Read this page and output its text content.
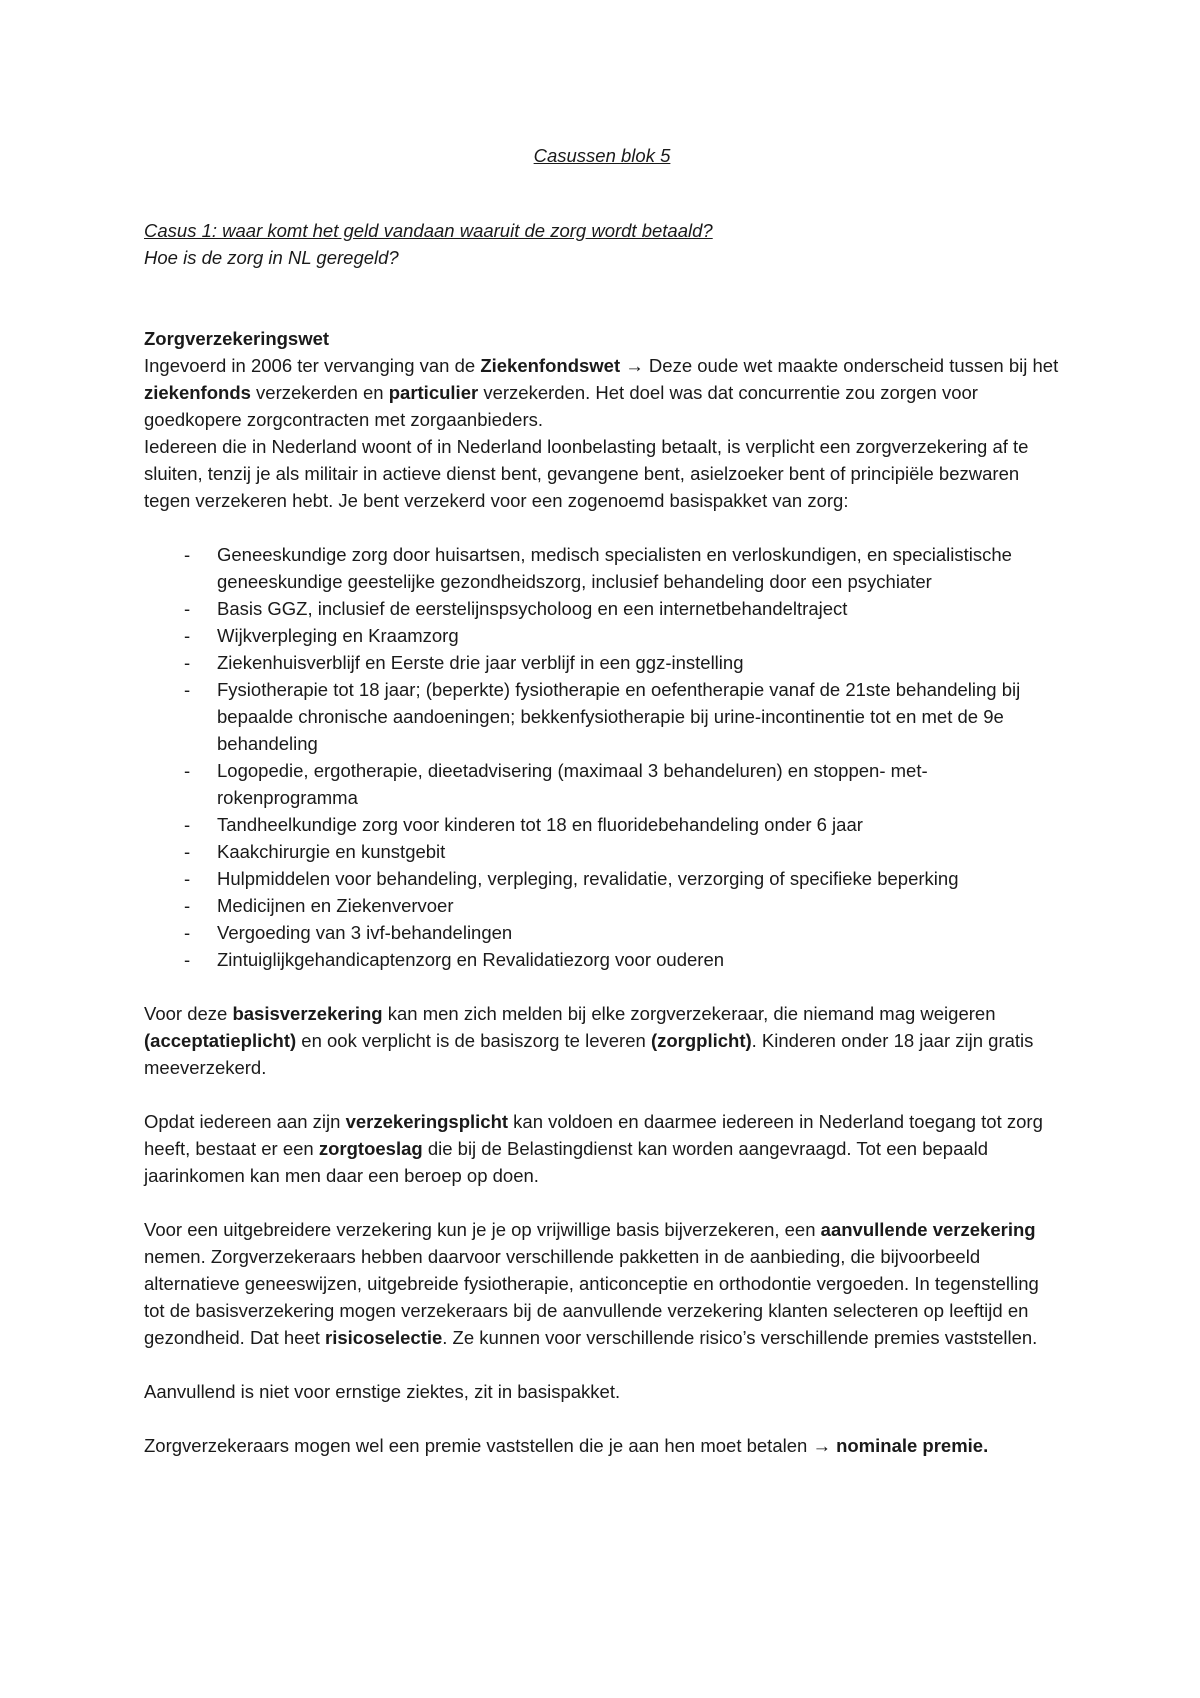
Casussen blok 5

Casus 1: waar komt het geld vandaan waaruit de zorg wordt betaald?

Hoe is de zorg in NL geregeld?

Zorgverzekeringswet

Ingevoerd in 2006 ter vervanging van de Ziekenfondswet → Deze oude wet maakte onderscheid tussen bij het ziekenfonds verzekerden en particulier verzekerden. Het doel was dat concurrentie zou zorgen voor goedkopere zorgcontracten met zorgaanbieders.

Iedereen die in Nederland woont of in Nederland loonbelasting betaalt, is verplicht een zorgverzekering af te sluiten, tenzij je als militair in actieve dienst bent, gevangene bent, asielzoeker bent of principiële bezwaren tegen verzekeren hebt. Je bent verzekerd voor een zogenoemd basispakket van zorg:

- Geneeskundige zorg door huisartsen, medisch specialisten en verloskundigen, en specialistische geneeskundige geestelijke gezondheidszorg, inclusief behandeling door een psychiater
- Basis GGZ, inclusief de eerstelijnspsycholoog en een internetbehandeltraject
- Wijkverpleging en Kraamzorg
- Ziekenhuisverblijf en Eerste drie jaar verblijf in een ggz-instelling
- Fysiotherapie tot 18 jaar; (beperkte) fysiotherapie en oefentherapie vanaf de 21ste behandeling bij bepaalde chronische aandoeningen; bekkenfysiotherapie bij urine-incontinentie tot en met de 9e behandeling
- Logopedie, ergotherapie, dieetadvisering (maximaal 3 behandeluren) en stoppen- met-rokenprogramma
- Tandheelkundige zorg voor kinderen tot 18 en fluoridebehandeling onder 6 jaar
- Kaakchirurgie en kunstgebit
- Hulpmiddelen voor behandeling, verpleging, revalidatie, verzorging of specifieke beperking
- Medicijnen en Ziekenvervoer
- Vergoeding van 3 ivf-behandelingen
- Zintuiglijkgehandicaptenzorg en Revalidatiezorg voor ouderen

Voor deze basisverzekering kan men zich melden bij elke zorgverzekeraar, die niemand mag weigeren (acceptatieplicht) en ook verplicht is de basiszorg te leveren (zorgplicht). Kinderen onder 18 jaar zijn gratis meeverzekerd.

Opdat iedereen aan zijn verzekeringsplicht kan voldoen en daarmee iedereen in Nederland toegang tot zorg heeft, bestaat er een zorgtoeslag die bij de Belastingdienst kan worden aangevraagd. Tot een bepaald jaarinkomen kan men daar een beroep op doen.

Voor een uitgebreidere verzekering kun je je op vrijwillige basis bijverzekeren, een aanvullende verzekering nemen. Zorgverzekeraars hebben daarvoor verschillende pakketten in de aanbieding, die bijvoorbeeld alternatieve geneeswijzen, uitgebreide fysiotherapie, anticonceptie en orthodontie vergoeden. In tegenstelling tot de basisverzekering mogen verzekeraars bij de aanvullende verzekering klanten selecteren op leeftijd en gezondheid. Dat heet risicoselectie. Ze kunnen voor verschillende risico’s verschillende premies vaststellen.

Aanvullend is niet voor ernstige ziektes, zit in basispakket.

Zorgverzekeraars mogen wel een premie vaststellen die je aan hen moet betalen → nominale premie.
